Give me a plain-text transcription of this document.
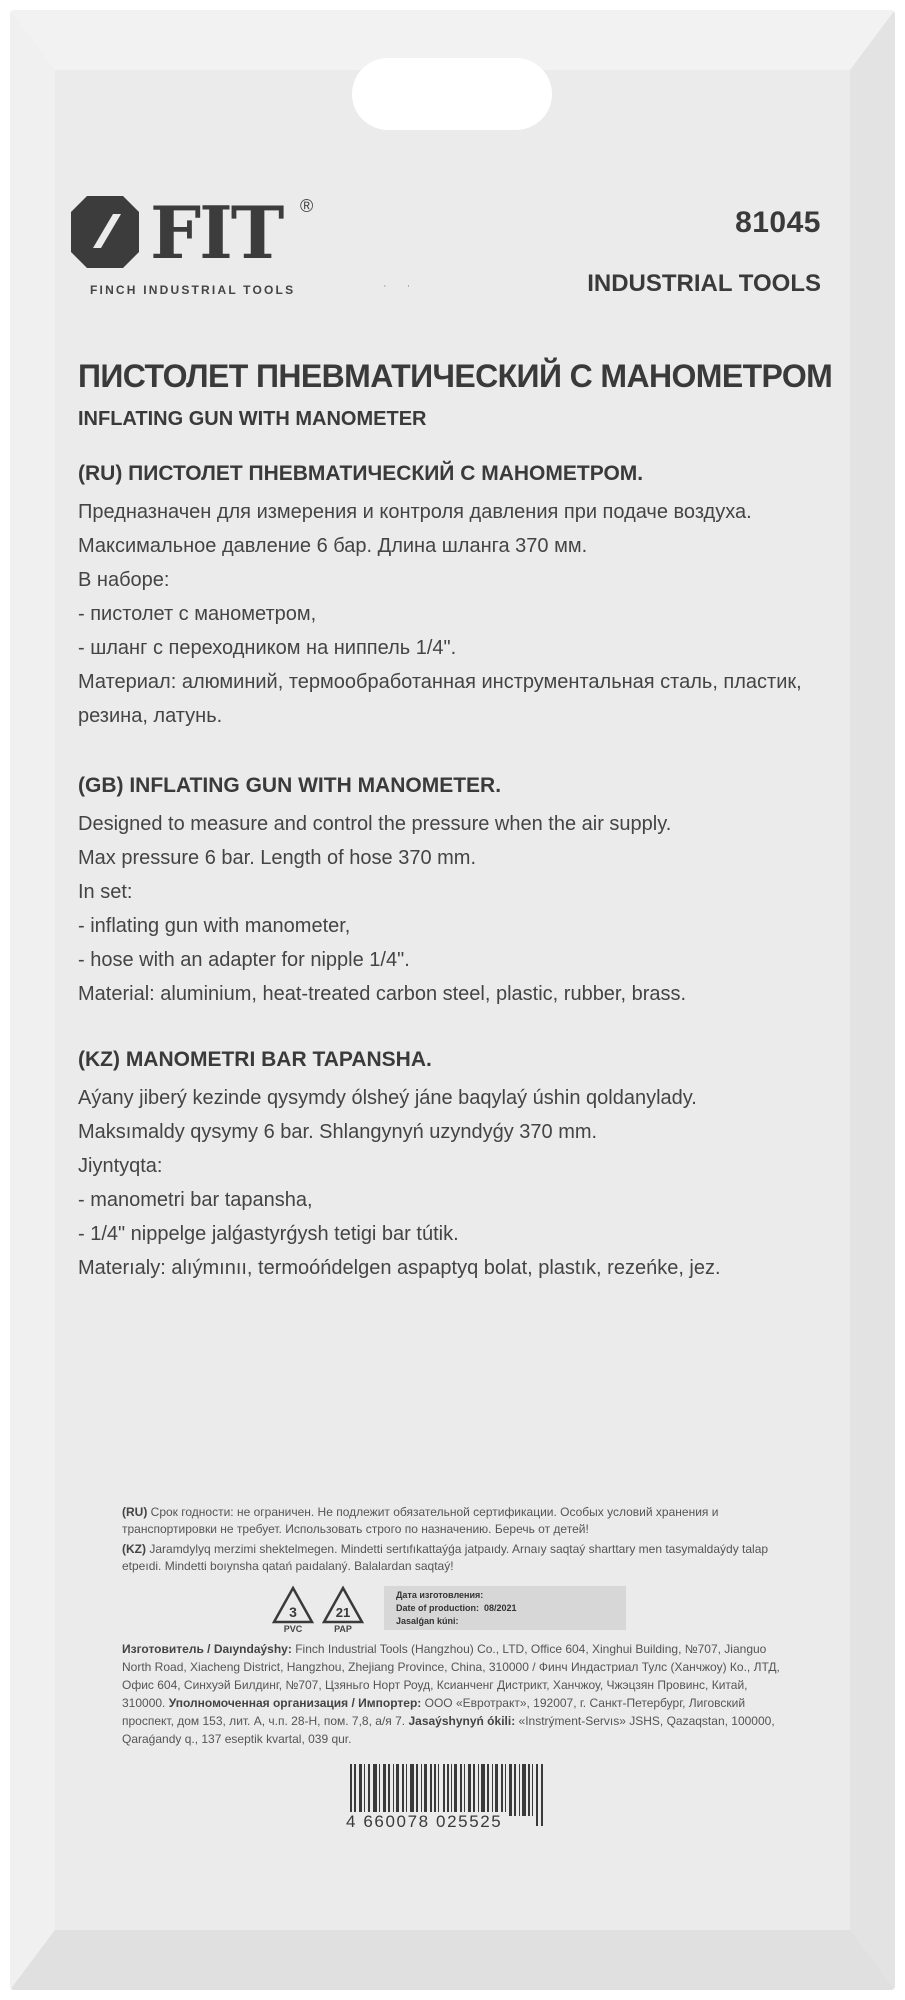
FIT ®
FINCH INDUSTRIAL TOOLS	··
81045
INDUSTRIAL TOOLS
ПИСТОЛЕТ ПНЕВМАТИЧЕСКИЙ С МАНОМЕТРОМ
INFLATING GUN WITH MANOMETER
(RU) ПИСТОЛЕТ ПНЕВМАТИЧЕСКИЙ С МАНОМЕТРОМ.

Предназначен для измерения и контроля давления при подаче воздуха.

Максимальное давление 6 бар. Длина шланга 370 мм.

В наборе:

- пистолет с манометром,

- шланг с переходником на ниппель 1/4".

Материал: алюминий, термообработанная инструментальная сталь, пластик,

резина, латунь.

(GB) INFLATING GUN WITH MANOMETER.

Designed to measure and control the pressure when the air supply.

Max pressure 6 bar. Length of hose 370 mm.

In set:

- inflating gun with manometer,

- hose with an adapter for nipple 1/4".

Material: aluminium, heat-treated carbon steel, plastic, rubber, brass.

(KZ) MANOMETRI BAR TAPANSHA.

Aýany jiberý kezinde qysymdy ólsheý jáne baqylaý úshin qoldanylady.

Maksımaldy qysymy 6 bar. Shlangynyń uzyndyǵy 370 mm.

Jiyntyqta:

- manometri bar tapansha,

- 1/4" nippelge jalǵastyrǵysh tetigi bar tútik.

Materıaly: alıýmınıı, termoóńdelgen aspaptyq bolat, plastık, rezeńke, jez.

(RU) Срок годности: не ограничен. Не подлежит обязательной сертификации. Особых условий хранения и транспортировки не требует. Использовать строго по назначению. Беречь от детей!
(KZ) Jaramdylyq merzimi shektelmegen. Mindetti sertıfıkattaýǵa jatpaıdy. Arnaıy saqtaý sharttary men tasymaldaýdy talap etpeıdi. Mindetti boıynsha qatań paıdalaný. Balalardan saqtaý!
3
PVC
21
PAP
Дата изготовления:
Date of production: 08/2021
Jasalǵan kúni:
Изготовитель / Daıyndaýshy: Finch Industrial Tools (Hangzhou) Co., LTD, Office 604, Xinghui Building, №707, Jianguo North Road, Xiacheng District, Hangzhou, Zhejiang Province, China, 310000 / Финч Индастриал Тулс (Ханчжоу) Ко., ЛТД, Офис 604, Синхуэй Билдинг, №707, Цзяньго Норт Роуд, Ксианченг Дистрикт, Ханчжоу, Чжэцзян Провинс, Китай, 310000. Уполномоченная организация / Импортер: ООО «Евротракт», 192007, г. Санкт-Петербург, Лиговский проспект, дом 153, лит. А, ч.п. 28-Н, пом. 7,8, а/я 7. Jasaýshynyń ókili: «Instrýment-Servıs» JSHS, Qazaqstan, 100000, Qaraǵandy q., 137 eseptik kvartal, 039 qur.
4 660078 025525
